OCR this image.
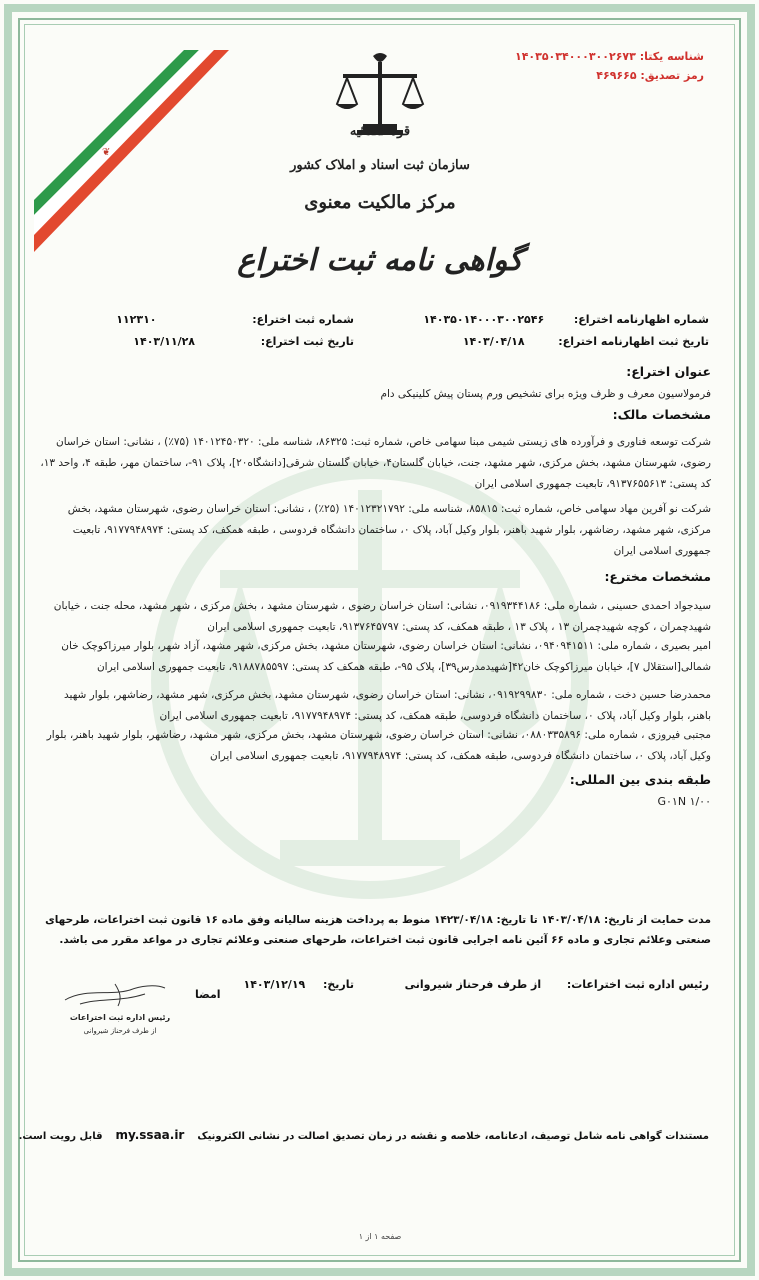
❦
شناسه یکتا: ۱۴۰۳۵۰۳۴۰۰۰۳۰۰۲۶۷۳
رمز تصدیق: ۴۶۹۶۶۵
قوه قضائیه
سازمان ثبت اسناد و املاک کشور
مرکز مالکیت معنوی
گواهی نامه ثبت اختراع
شماره اظهارنامه اختراع:  ۱۴۰۳۵۰۱۴۰۰۰۳۰۰۲۵۴۶
تاریخ ثبت اظهارنامه اختراع:  ۱۴۰۳/۰۴/۱۸
شماره ثبت اختراع:  ۱۱۲۳۱۰
تاریخ ثبت اختراع:  ۱۴۰۳/۱۱/۲۸
عنوان اختراع:
فرمولاسیون معرف و ظرف ویژه برای تشخیص ورم پستان پیش کلینیکی دام
مشخصات مالک:
شرکت توسعه فناوری و فرآورده های زیستی شیمی مبنا سهامی خاص، شماره ثبت: ۸۶۳۲۵، شناسه ملی: ۱۴۰۱۲۴۵۰۳۲۰ (۷۵٪) ، نشانی: استان خراسان رضوی، شهرستان مشهد، بخش مرکزی، شهر مشهد، جنت، خیابان گلستان۴، خیابان گلستان شرقی[دانشگاه۲۰]، پلاک ۹۱-، ساختمان مهر، طبقه ۴، واحد ۱۳، کد پستی: ۹۱۳۷۶۵۵۶۱۳، تابعیت جمهوری اسلامی ایران
شرکت نو آفرین مهاد سهامی خاص، شماره ثبت: ۸۵۸۱۵، شناسه ملی: ۱۴۰۱۲۳۲۱۷۹۲ (۲۵٪) ، نشانی: استان خراسان رضوی، شهرستان مشهد، بخش مرکزی، شهر مشهد، رضاشهر، بلوار شهید باهنر، بلوار وکیل آباد، پلاک ۰، ساختمان دانشگاه فردوسی ، طبقه همکف، کد پستی: ۹۱۷۷۹۴۸۹۷۴، تابعیت جمهوری اسلامی ایران
مشخصات مخترع:
سیدجواد احمدی حسینی ، شماره ملی: ۰۹۱۹۳۴۴۱۸۶، نشانی: استان خراسان رضوی ، شهرستان مشهد ، بخش مرکزی ، شهر مشهد، محله جنت ، خیابان شهیدچمران ، کوچه شهیدچمران ۱۳ ، پلاک ۱۳ ، طبقه همکف، کد پستی: ۹۱۳۷۶۴۵۷۹۷، تابعیت جمهوری اسلامی ایران
امیر بصیری ، شماره ملی: ۰۹۴۰۹۴۱۵۱۱، نشانی: استان خراسان رضوی، شهرستان مشهد، بخش مرکزی، شهر مشهد، آزاد شهر، بلوار میرزاکوچک خان شمالی[استقلال ۷]، خیابان میرزاکوچک خان۴۲[شهیدمدرس۳۹]، پلاک ۹۵-، طبقه همکف کد پستی: ۹۱۸۸۷۸۵۵۹۷، تابعیت جمهوری اسلامی ایران
محمدرضا حسین دخت ، شماره ملی: ۰۹۱۹۲۹۹۸۳۰، نشانی: استان خراسان رضوی، شهرستان مشهد، بخش مرکزی، شهر مشهد، رضاشهر، بلوار شهید باهنر، بلوار وکیل آباد، پلاک ۰، ساختمان دانشگاه فردوسی، طبقه همکف، کد پستی: ۹۱۷۷۹۴۸۹۷۴، تابعیت جمهوری اسلامی ایران
مجتبی فیروزی ، شماره ملی: ۰۸۸۰۳۳۵۸۹۶، نشانی: استان خراسان رضوی، شهرستان مشهد، بخش مرکزی، شهر مشهد، رضاشهر، بلوار شهید باهنر، بلوار وکیل آباد، پلاک ۰، ساختمان دانشگاه فردوسی، طبقه همکف، کد پستی: ۹۱۷۷۹۴۸۹۷۴، تابعیت جمهوری اسلامی ایران
طبقه بندی بین المللی:
G۰۱N ۱/۰۰
مدت حمایت از تاریخ: ۱۴۰۳/۰۴/۱۸ تا تاریخ: ۱۴۲۳/۰۴/۱۸ منوط به پرداخت هزینه سالیانه وفق ماده ۱۶ قانون ثبت اختراعات، طرحهای صنعتی وعلائم تجاری و ماده ۶۶ آئین نامه اجرایی قانون ثبت اختراعات، طرحهای صنعتی وعلائم تجاری در مواعد مقرر می باشد.
رئیس اداره ثبت اختراعات:  از طرف فرحناز شیروانی
تاریخ:  ۱۴۰۳/۱۲/۱۹
امضا
رئیس اداره ثبت اختراعات
از طرف فرحناز شیروانی
مستندات گواهی نامه شامل توصیف، ادعانامه، خلاصه و نقشه در زمان تصدیق اصالت در نشانی الکترونیک  my.ssaa.ir  قابل رویت است.
صفحه ۱ از ۱
